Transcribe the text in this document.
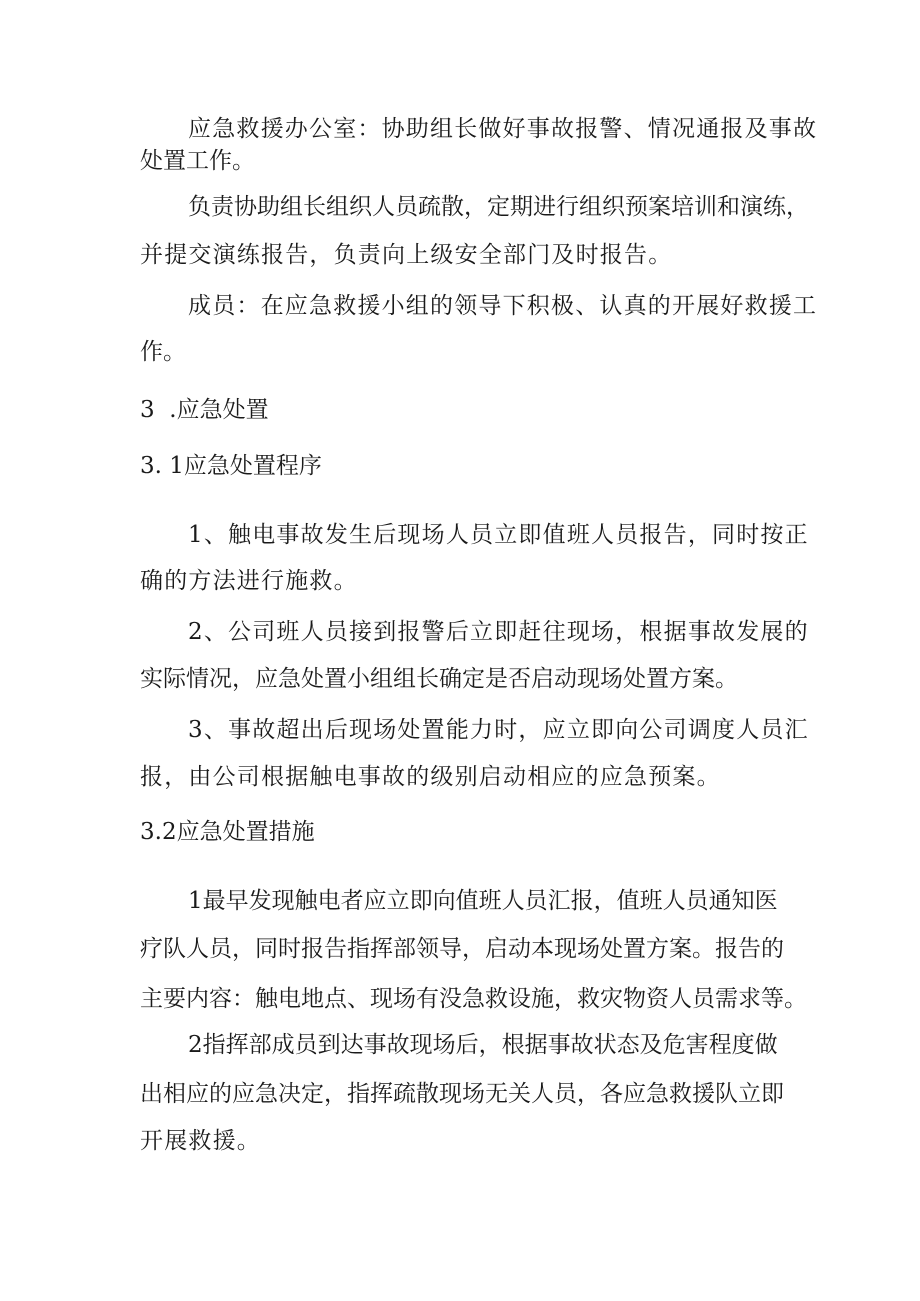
应急救援办公室：协助组长做好事故报警、情况通报及事故
处置工作。
负责协助组长组织人员疏散，定期进行组织预案培训和演练，
并提交演练报告，负责向上级安全部门及时报告。
成员：在应急救援小组的领导下积极、认真的开展好救援工
作。
3  .应急处置
3. 1应急处置程序
1、触电事故发生后现场人员立即值班人员报告，同时按正
确的方法进行施救。
2、公司班人员接到报警后立即赶往现场，根据事故发展的
实际情况，应急处置小组组长确定是否启动现场处置方案。
3、事故超出后现场处置能力时，应立即向公司调度人员汇
报，由公司根据触电事故的级别启动相应的应急预案。
3.2应急处置措施
1最早发现触电者应立即向值班人员汇报，值班人员通知医
疗队人员，同时报告指挥部领导，启动本现场处置方案。报告的
主要内容：触电地点、现场有没急救设施，救灾物资人员需求等。
2指挥部成员到达事故现场后，根据事故状态及危害程度做
出相应的应急决定，指挥疏散现场无关人员，各应急救援队立即
开展救援。
